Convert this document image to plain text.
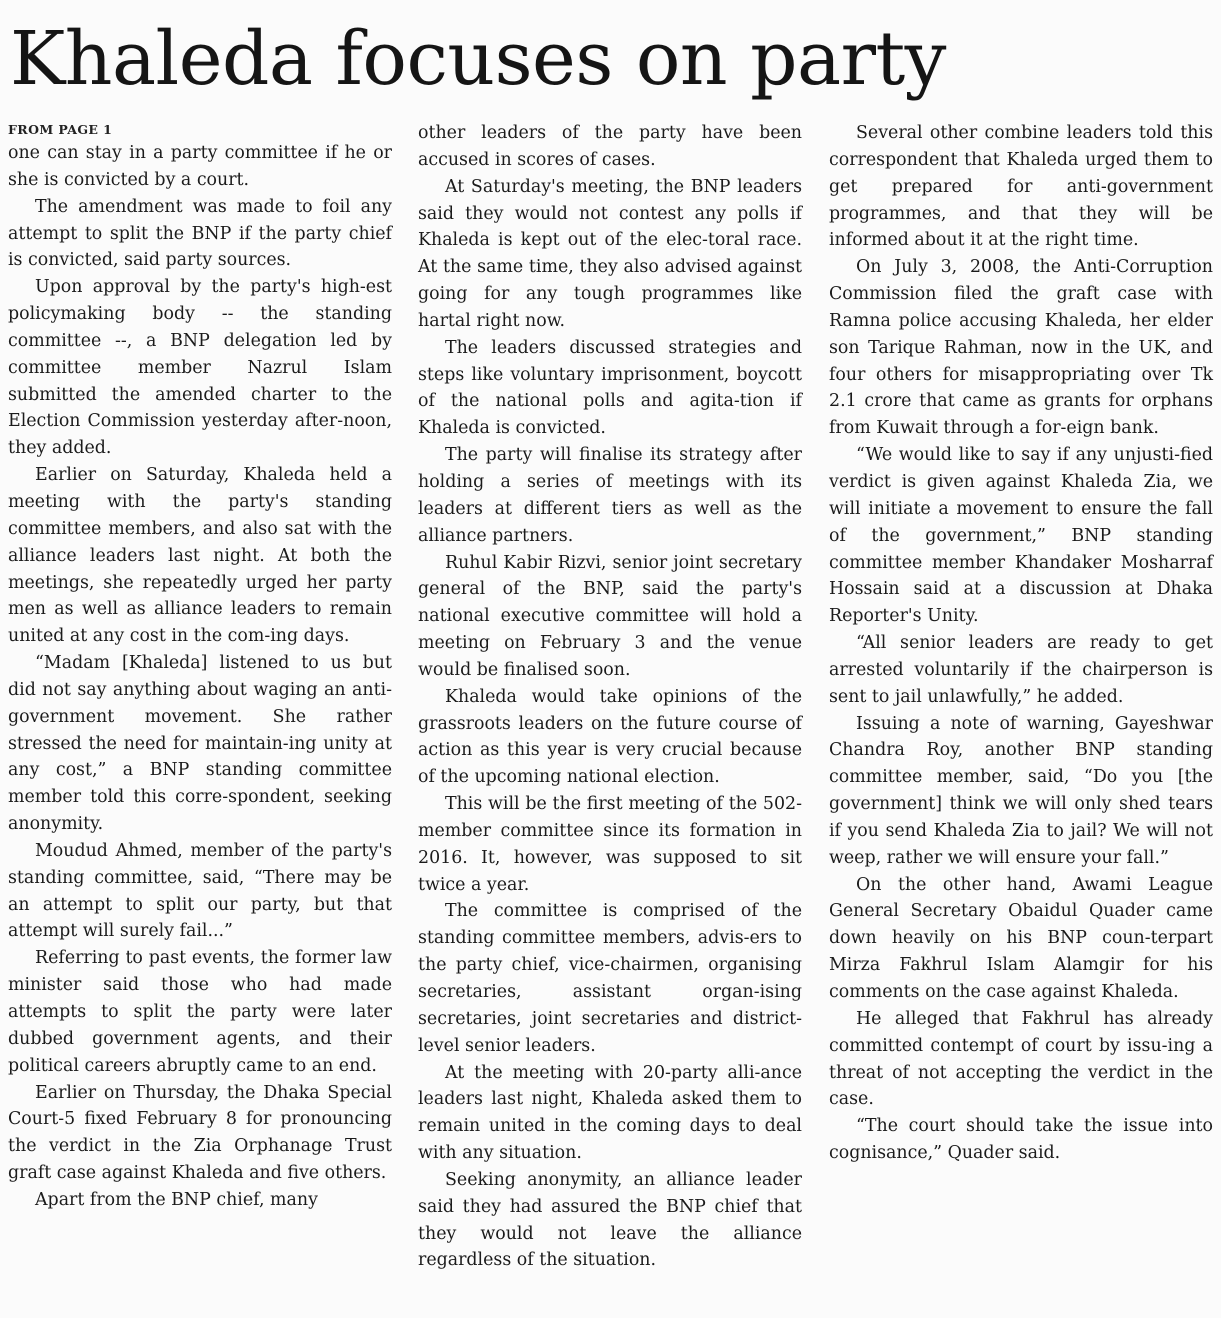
Khaleda focuses on party
FROM PAGE 1

one can stay in a party committee if he or she is convicted by a court.

The amendment was made to foil any attempt to split the BNP if the party chief is convicted, said party sources.

Upon approval by the party's high-est policymaking body -- the standing committee --, a BNP delegation led by committee member Nazrul Islam submitted the amended charter to the Election Commission yesterday after-noon, they added.

Earlier on Saturday, Khaleda held a meeting with the party's standing committee members, and also sat with the alliance leaders last night. At both the meetings, she repeatedly urged her party men as well as alliance leaders to remain united at any cost in the com-ing days.

“Madam [Khaleda] listened to us but did not say anything about waging an anti-government movement. She rather stressed the need for maintain-ing unity at any cost,” a BNP standing committee member told this corre-spondent, seeking anonymity.

Moudud Ahmed, member of the party's standing committee, said, “There may be an attempt to split our party, but that attempt will surely fail...”

Referring to past events, the former law minister said those who had made attempts to split the party were later dubbed government agents, and their political careers abruptly came to an end.

Earlier on Thursday, the Dhaka Special Court-5 fixed February 8 for pronouncing the verdict in the Zia Orphanage Trust graft case against Khaleda and five others.

Apart from the BNP chief, many

other leaders of the party have been accused in scores of cases.

At Saturday's meeting, the BNP leaders said they would not contest any polls if Khaleda is kept out of the elec-toral race. At the same time, they also advised against going for any tough programmes like hartal right now.

The leaders discussed strategies and steps like voluntary imprisonment, boycott of the national polls and agita-tion if Khaleda is convicted.

The party will finalise its strategy after holding a series of meetings with its leaders at different tiers as well as the alliance partners.

Ruhul Kabir Rizvi, senior joint secretary general of the BNP, said the party's national executive committee will hold a meeting on February 3 and the venue would be finalised soon.

Khaleda would take opinions of the grassroots leaders on the future course of action as this year is very crucial because of the upcoming national election.

This will be the first meeting of the 502-member committee since its formation in 2016. It, however, was supposed to sit twice a year.

The committee is comprised of the standing committee members, advis-ers to the party chief, vice-chairmen, organising secretaries, assistant organ-ising secretaries, joint secretaries and district-level senior leaders.

At the meeting with 20-party alli-ance leaders last night, Khaleda asked them to remain united in the coming days to deal with any situation.

Seeking anonymity, an alliance leader said they had assured the BNP chief that they would not leave the alliance regardless of the situation.

Several other combine leaders told this correspondent that Khaleda urged them to get prepared for anti-government programmes, and that they will be informed about it at the right time.

On July 3, 2008, the Anti-Corruption Commission filed the graft case with Ramna police accusing Khaleda, her elder son Tarique Rahman, now in the UK, and four others for misappropriating over Tk 2.1 crore that came as grants for orphans from Kuwait through a for-eign bank.

“We would like to say if any unjusti-fied verdict is given against Khaleda Zia, we will initiate a movement to ensure the fall of the government,” BNP standing committee member Khandaker Mosharraf Hossain said at a discussion at Dhaka Reporter's Unity.

“All senior leaders are ready to get arrested voluntarily if the chairperson is sent to jail unlawfully,” he added.

Issuing a note of warning, Gayeshwar Chandra Roy, another BNP standing committee member, said, “Do you [the government] think we will only shed tears if you send Khaleda Zia to jail? We will not weep, rather we will ensure your fall.”

On the other hand, Awami League General Secretary Obaidul Quader came down heavily on his BNP coun-terpart Mirza Fakhrul Islam Alamgir for his comments on the case against Khaleda.

He alleged that Fakhrul has already committed contempt of court by issu-ing a threat of not accepting the verdict in the case.

“The court should take the issue into cognisance,” Quader said.
